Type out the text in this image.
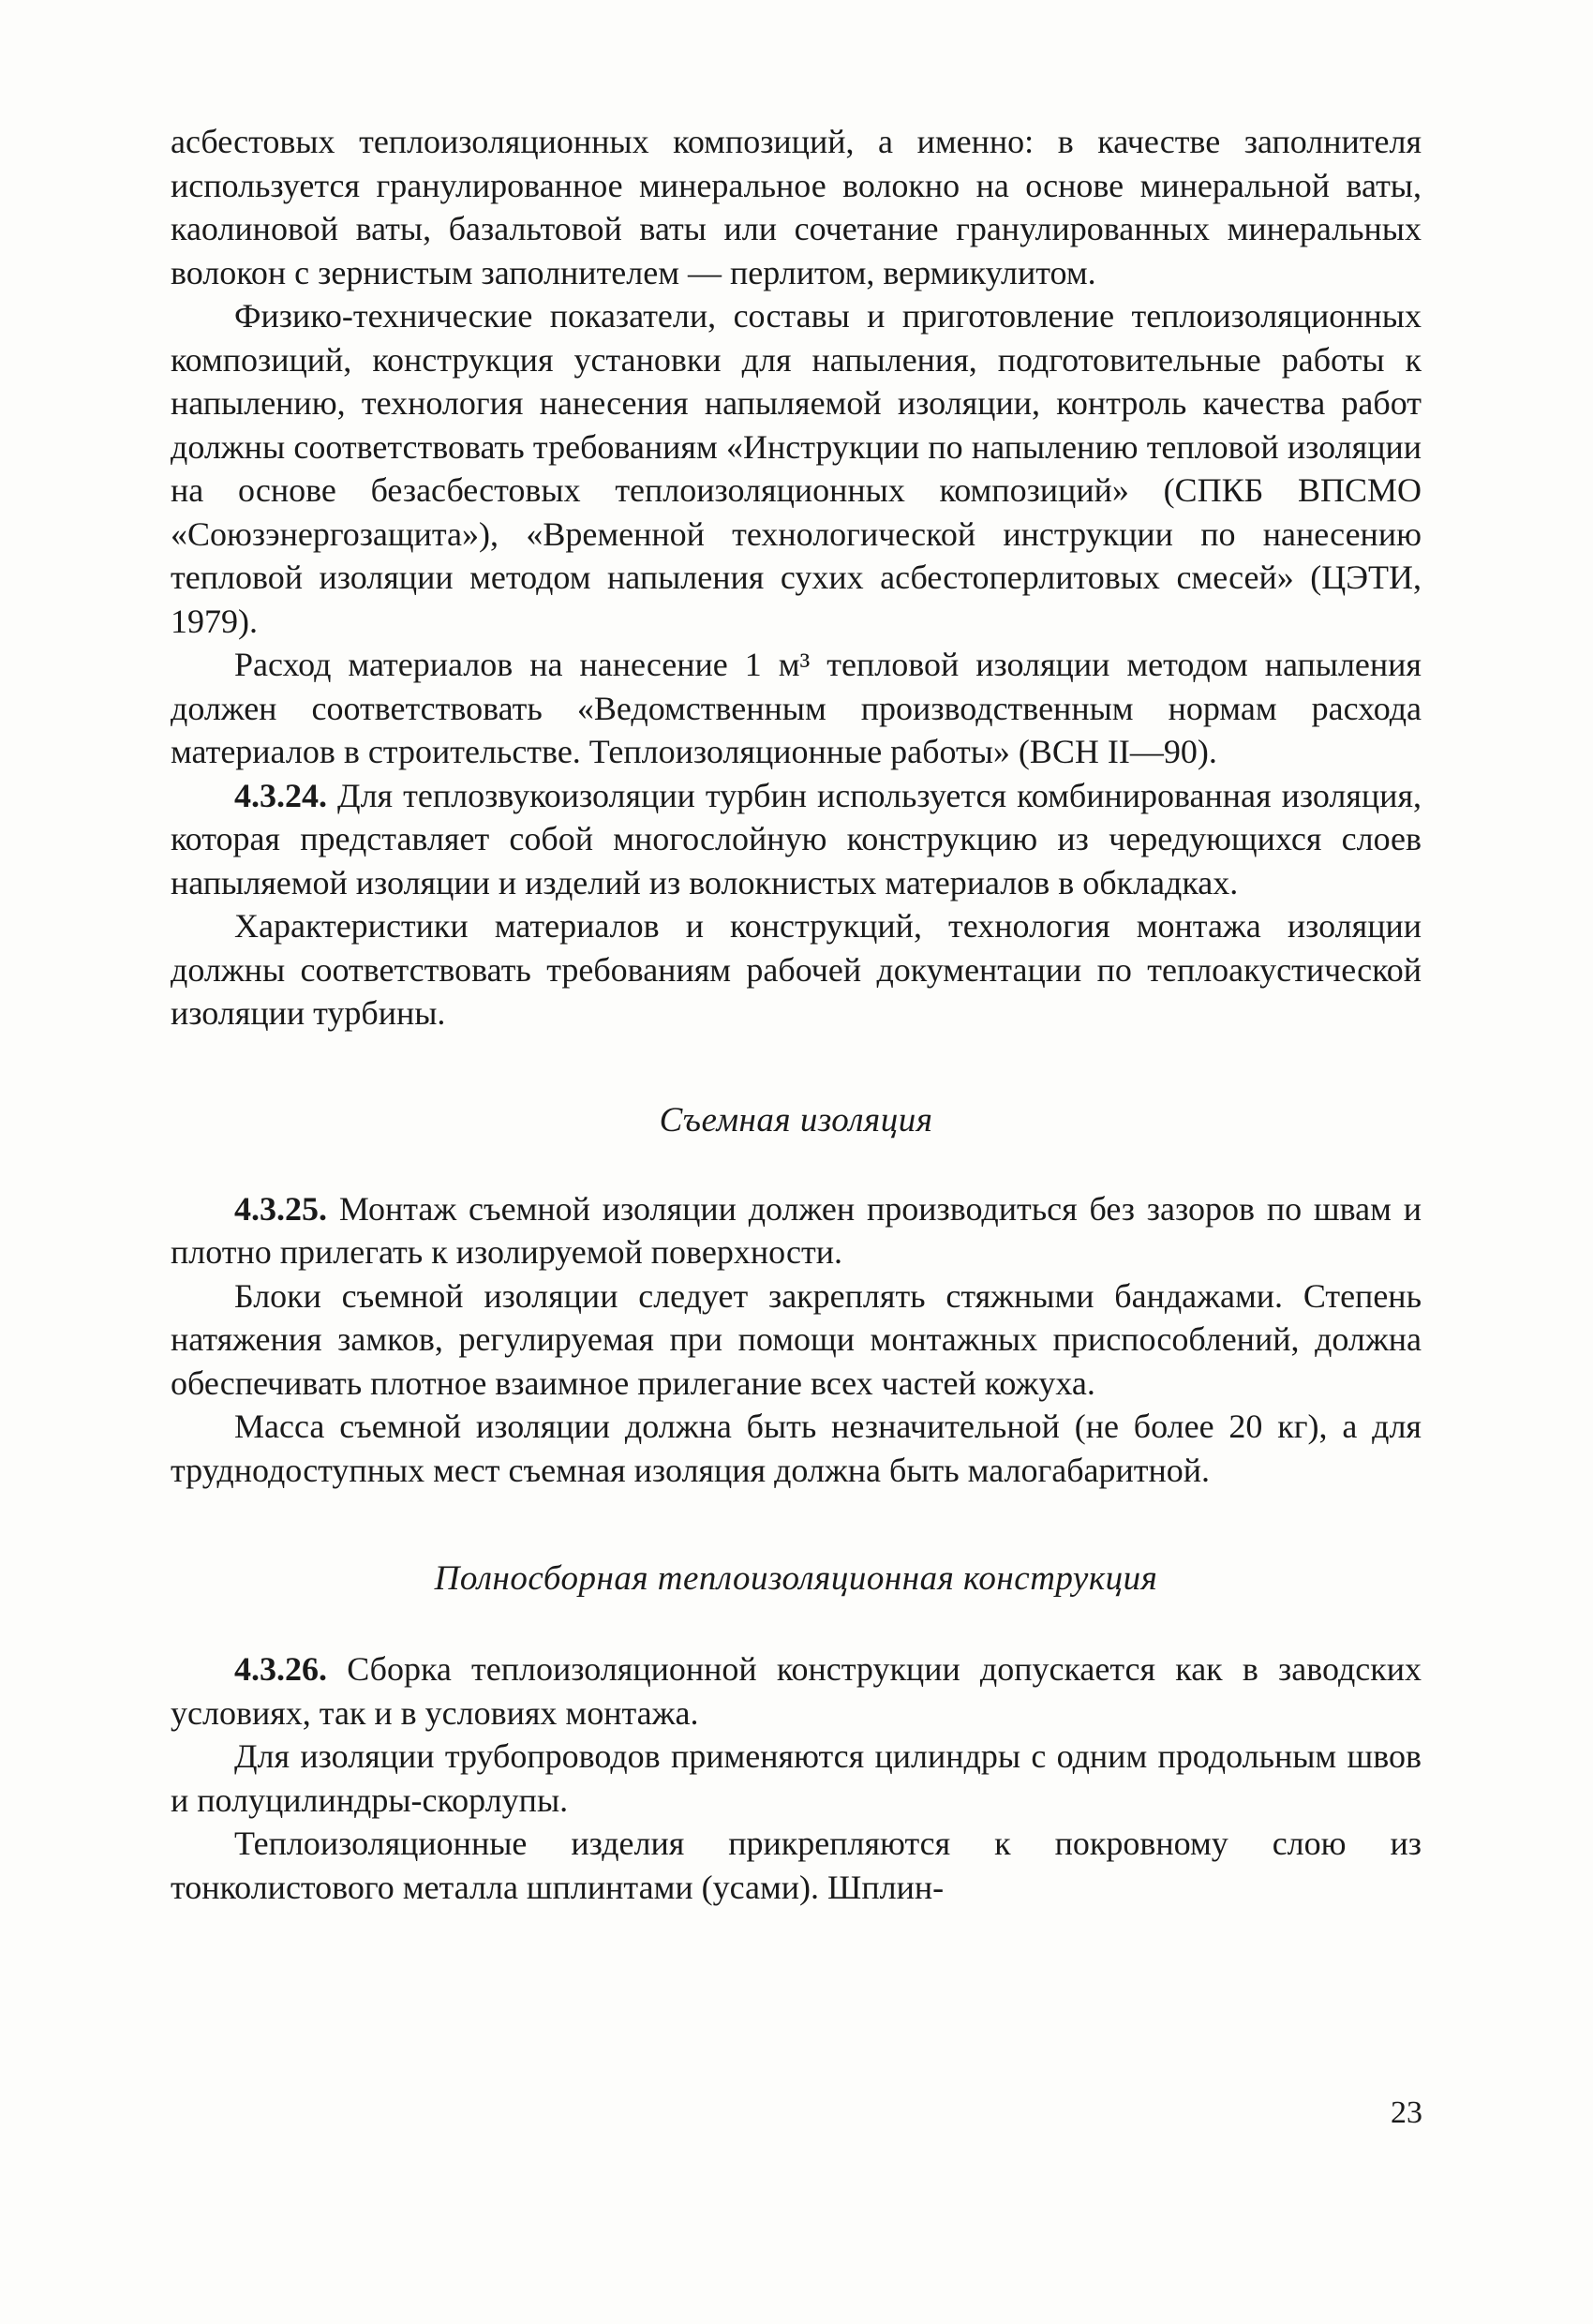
асбестовых теплоизоляционных композиций, а именно: в качестве заполнителя используется гранулированное минеральное волокно на основе минеральной ваты, каолиновой ваты, базальтовой ваты или сочетание гранулированных минеральных волокон с зернистым заполнителем — перлитом, вермикулитом.

Физико-технические показатели, составы и приготовление теплоизоляционных композиций, конструкция установки для напыления, подготовительные работы к напылению, технология нанесения напыляемой изоляции, контроль качества работ должны соответствовать требованиям «Инструкции по напылению тепловой изоляции на основе безасбестовых теплоизоляционных композиций» (СПКБ ВПСМО «Союзэнергозащита»), «Временной технологической инструкции по нанесению тепловой изоляции методом напыления сухих асбестоперлитовых смесей» (ЦЭТИ, 1979).

Расход материалов на нанесение 1 м³ тепловой изоляции методом напыления должен соответствовать «Ведомственным производственным нормам расхода материалов в строительстве. Теплоизоляционные работы» (ВСН II—90).

4.3.24. Для теплозвукоизоляции турбин используется комбинированная изоляция, которая представляет собой многослойную конструкцию из чередующихся слоев напыляемой изоляции и изделий из волокнистых материалов в обкладках.

Характеристики материалов и конструкций, технология монтажа изоляции должны соответствовать требованиям рабочей документации по теплоакустической изоляции турбины.

Съемная изоляция

4.3.25. Монтаж съемной изоляции должен производиться без зазоров по швам и плотно прилегать к изолируемой поверхности.

Блоки съемной изоляции следует закреплять стяжными бандажами. Степень натяжения замков, регулируемая при помощи монтажных приспособлений, должна обеспечивать плотное взаимное прилегание всех частей кожуха.

Масса съемной изоляции должна быть незначительной (не более 20 кг), а для труднодоступных мест съемная изоляция должна быть малогабаритной.

Полносборная теплоизоляционная конструкция

4.3.26. Сборка теплоизоляционной конструкции допускается как в заводских условиях, так и в условиях монтажа.

Для изоляции трубопроводов применяются цилиндры с одним продольным швов и полуцилиндры-скорлупы.

Теплоизоляционные изделия прикрепляются к покровному слою из тонколистового металла шплинтами (усами). Шплин-

23
